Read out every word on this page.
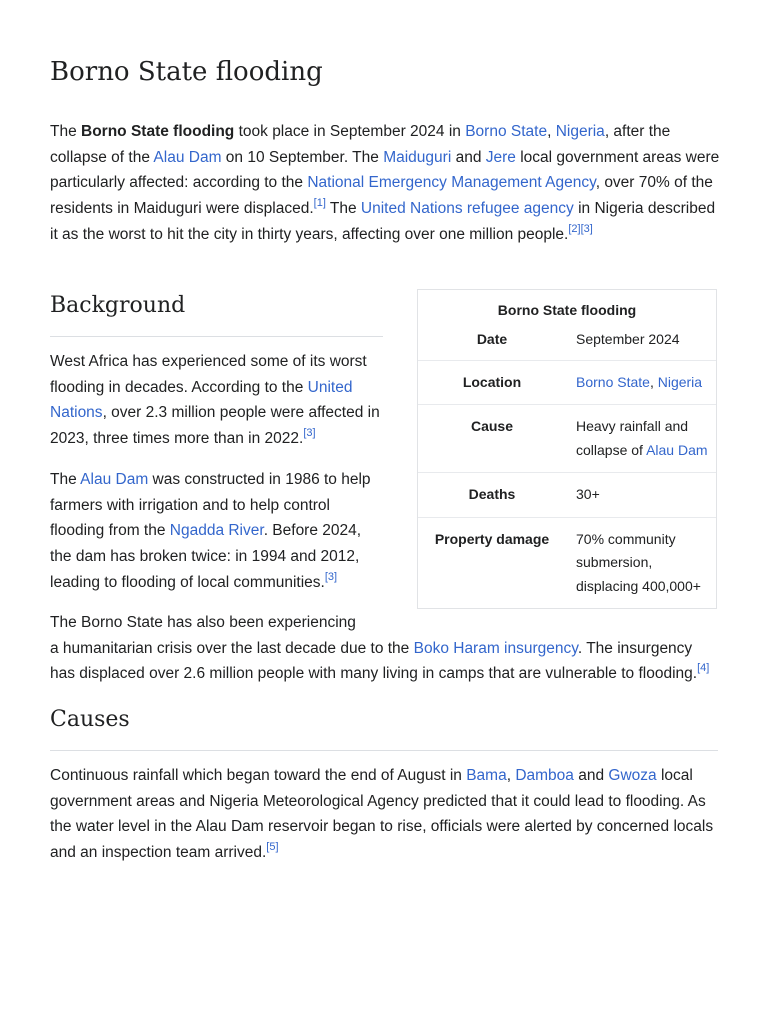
Borno State flooding

The Borno State flooding took place in September 2024 in Borno State, Nigeria, after the collapse of the Alau Dam on 10 September. The Maiduguri and Jere local government areas were particularly affected: according to the National Emergency Management Agency, over 70% of the residents in Maiduguri were displaced.[1] The United Nations refugee agency in Nigeria described it as the worst to hit the city in thirty years, affecting over one million people.[2][3]

Background

West Africa has experienced some of its worst flooding in decades. According to the United Nations, over 2.3 million people were affected in 2023, three times more than in 2022.[3]

The Alau Dam was constructed in 1986 to help farmers with irrigation and to help control flooding from the Ngadda River. Before 2024, the dam has broken twice: in 1994 and 2012, leading to flooding of local communities.[3]

The Borno State has also been experiencing a humanitarian crisis over the last decade due to the Boko Haram insurgency. The insurgency has displaced over 2.6 million people with many living in camps that are vulnerable to flooding.[4]

Causes

Continuous rainfall which began toward the end of August in Bama, Damboa and Gwoza local government areas and Nigeria Meteorological Agency predicted that it could lead to flooding. As the water level in the Alau Dam reservoir began to rise, officials were alerted by concerned locals and an inspection team arrived.[5]

Borno State flooding
Date	September 2024
Location	Borno State, Nigeria
Cause	Heavy rainfall and collapse of Alau Dam
Deaths	30+
Property damage	70% community submersion, displacing 400,000+
